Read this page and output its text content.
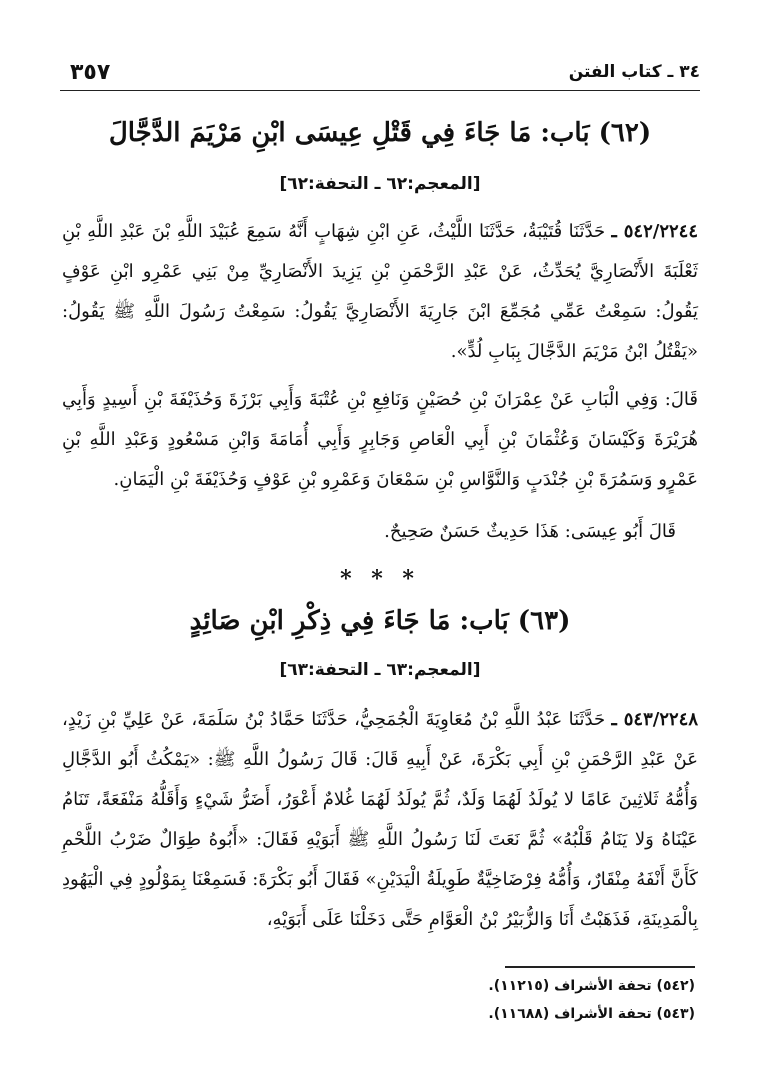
٣٥٧	٣٤ ـ كتاب الفتن
(٦٢) بَاب: مَا جَاءَ فِي قَتْلِ عِيسَى ابْنِ مَرْيَمَ الدَّجَّالَ
[المعجم:٦٢ ـ التحفة:٦٢]
٥٤٢/٢٢٤٤ ـ حَدَّثَنَا قُتَيْبَةُ، حَدَّثَنَا اللَّيْثُ، عَنِ ابْنِ شِهَابٍ أَنَّهُ سَمِعَ عُبَيْدَ اللَّهِ بْنَ عَبْدِ اللَّهِ بْنِ ثَعْلَبَةَ الأَنْصَارِيَّ يُحَدِّثُ، عَنْ عَبْدِ الرَّحْمَنِ بْنِ يَزِيدَ الأَنْصَارِيِّ مِنْ بَنِي عَمْرِو ابْنِ عَوْفٍ يَقُولُ: سَمِعْتُ عَمِّي مُجَمِّعَ ابْنَ جَارِيَةَ الأَنْصَارِيَّ يَقُولُ: سَمِعْتُ رَسُولَ اللَّهِ ﷺ يَقُولُ: «يَقْتُلُ ابْنُ مَرْيَمَ الدَّجَّالَ بِبَابِ لُدٍّ».
قَالَ: وَفِي الْبَابِ عَنْ عِمْرَانَ بْنِ حُصَيْنٍ وَنَافِعِ بْنِ عُتْبَةَ وَأَبِي بَرْزَةَ وَحُذَيْفَةَ بْنِ أَسِيدٍ وَأَبِي هُرَيْرَةَ وَكَيْسَانَ وَعُثْمَانَ بْنِ أَبِي الْعَاصِ وَجَابِرٍ وَأَبِي أُمَامَةَ وَابْنِ مَسْعُودٍ وَعَبْدِ اللَّهِ بْنِ عَمْرٍو وَسَمُرَةَ بْنِ جُنْدَبٍ وَالنَّوَّاسِ بْنِ سَمْعَانَ وَعَمْرِو بْنِ عَوْفٍ وَحُذَيْفَةَ بْنِ الْيَمَانِ.
قَالَ أَبُو عِيسَى: هَذَا حَدِيثٌ حَسَنٌ صَحِيحٌ.
* * *
(٦٣) بَاب: مَا جَاءَ فِي ذِكْرِ ابْنِ صَائِدٍ
[المعجم:٦٣ ـ التحفة:٦٣]
٥٤٣/٢٢٤٨ ـ حَدَّثَنَا عَبْدُ اللَّهِ بْنُ مُعَاوِيَةَ الْجُمَحِيُّ، حَدَّثَنَا حَمَّادُ بْنُ سَلَمَةَ، عَنْ عَلِيِّ بْنِ زَيْدٍ، عَنْ عَبْدِ الرَّحْمَنِ بْنِ أَبِي بَكْرَةَ، عَنْ أَبِيهِ قَالَ: قَالَ رَسُولُ اللَّهِ ﷺ: «يَمْكُثُ أَبُو الدَّجَّالِ وَأُمُّهُ ثَلاثِينَ عَامًا لا يُولَدُ لَهُمَا وَلَدٌ، ثُمَّ يُولَدُ لَهُمَا غُلامٌ أَعْوَرُ، أَضَرُّ شَيْءٍ وَأَقَلُّهُ مَنْفَعَةً، تَنَامُ عَيْنَاهُ وَلا يَنَامُ قَلْبُهُ» ثُمَّ نَعَتَ لَنَا رَسُولُ اللَّهِ ﷺ أَبَوَيْهِ فَقَالَ: «أَبُوهُ طِوَالٌ ضَرْبُ اللَّحْمِ كَأَنَّ أَنْفَهُ مِنْقَارٌ، وَأُمُّهُ فِرْضَاخِيَّةٌ طَوِيلَةُ الْيَدَيْنِ» فَقَالَ أَبُو بَكْرَةَ: فَسَمِعْنَا بِمَوْلُودٍ فِي الْيَهُودِ بِالْمَدِينَةِ، فَذَهَبْتُ أَنَا وَالزُّبَيْرُ بْنُ الْعَوَّامِ حَتَّى دَخَلْنَا عَلَى أَبَوَيْهِ،
(٥٤٢) تحفة الأشراف (١١٢١٥).
(٥٤٣) تحفة الأشراف (١١٦٨٨).
